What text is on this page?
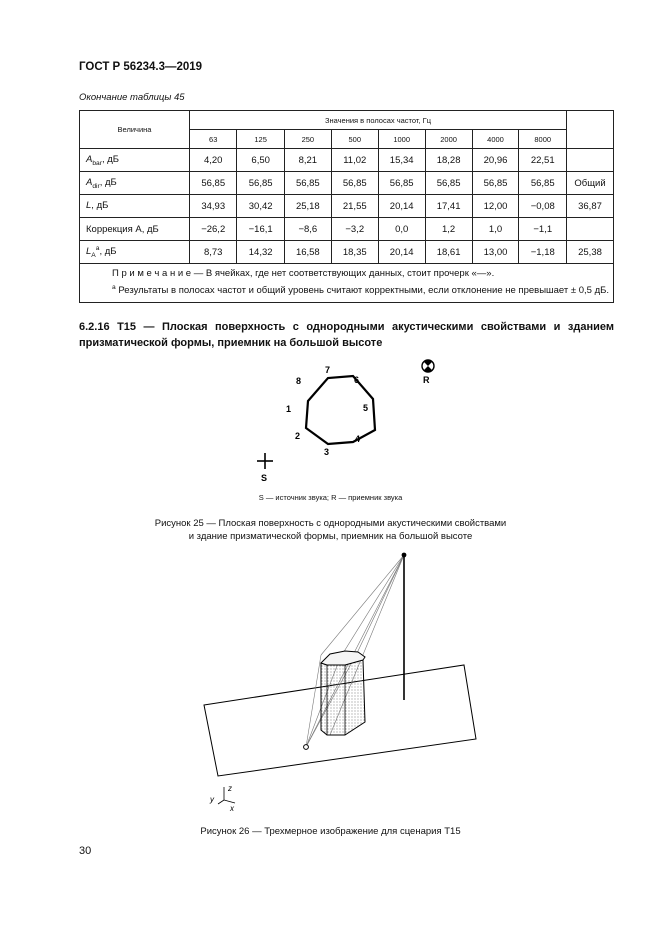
ГОСТ Р 56234.3—2019
Окончание таблицы 45
Величина	Значения в полосах частот, Гц								
	63	125	250	500	1000	2000	4000	8000	
$A_{bar}$, дБ	4,20	6,50	8,21	11,02	15,34	18,28	20,96	22,51	
$A_{dir}$, дБ	56,85	56,85	56,85	56,85	56,85	56,85	56,85	56,85	Общий
L, дБ	34,93	30,42	25,18	21,55	20,14	17,41	12,00	−0,08	36,87
Коррекция А, дБ	−26,2	−16,1	−8,6	−3,2	0,0	1,2	1,0	−1,1	
$L_A^a$, дБ	8,73	14,32	16,58	18,35	20,14	18,61	13,00	−1,18	25,38

П р и м е ч а н и е — В ячейках, где нет соответствующих данных, стоит прочерк «—».
$^a$ Результаты в полосах частот и общий уровень считают корректными, если отклонение не превышает ± 0,5 дБ.									
6.2.16 Т15 — Плоская поверхность с однородными акустическими свойствами и зданием призматической формы, приемник на большой высоте
1
2
3
4
5
6
7
8	R
S
S — источник звука; R — приемник звука
Рисунок 25 — Плоская поверхность с однородными акустическими свойствами
и здание призматической формы, приемник на большой высоте
z
y
x
Рисунок 26 — Трехмерное изображение для сценария Т15
30
